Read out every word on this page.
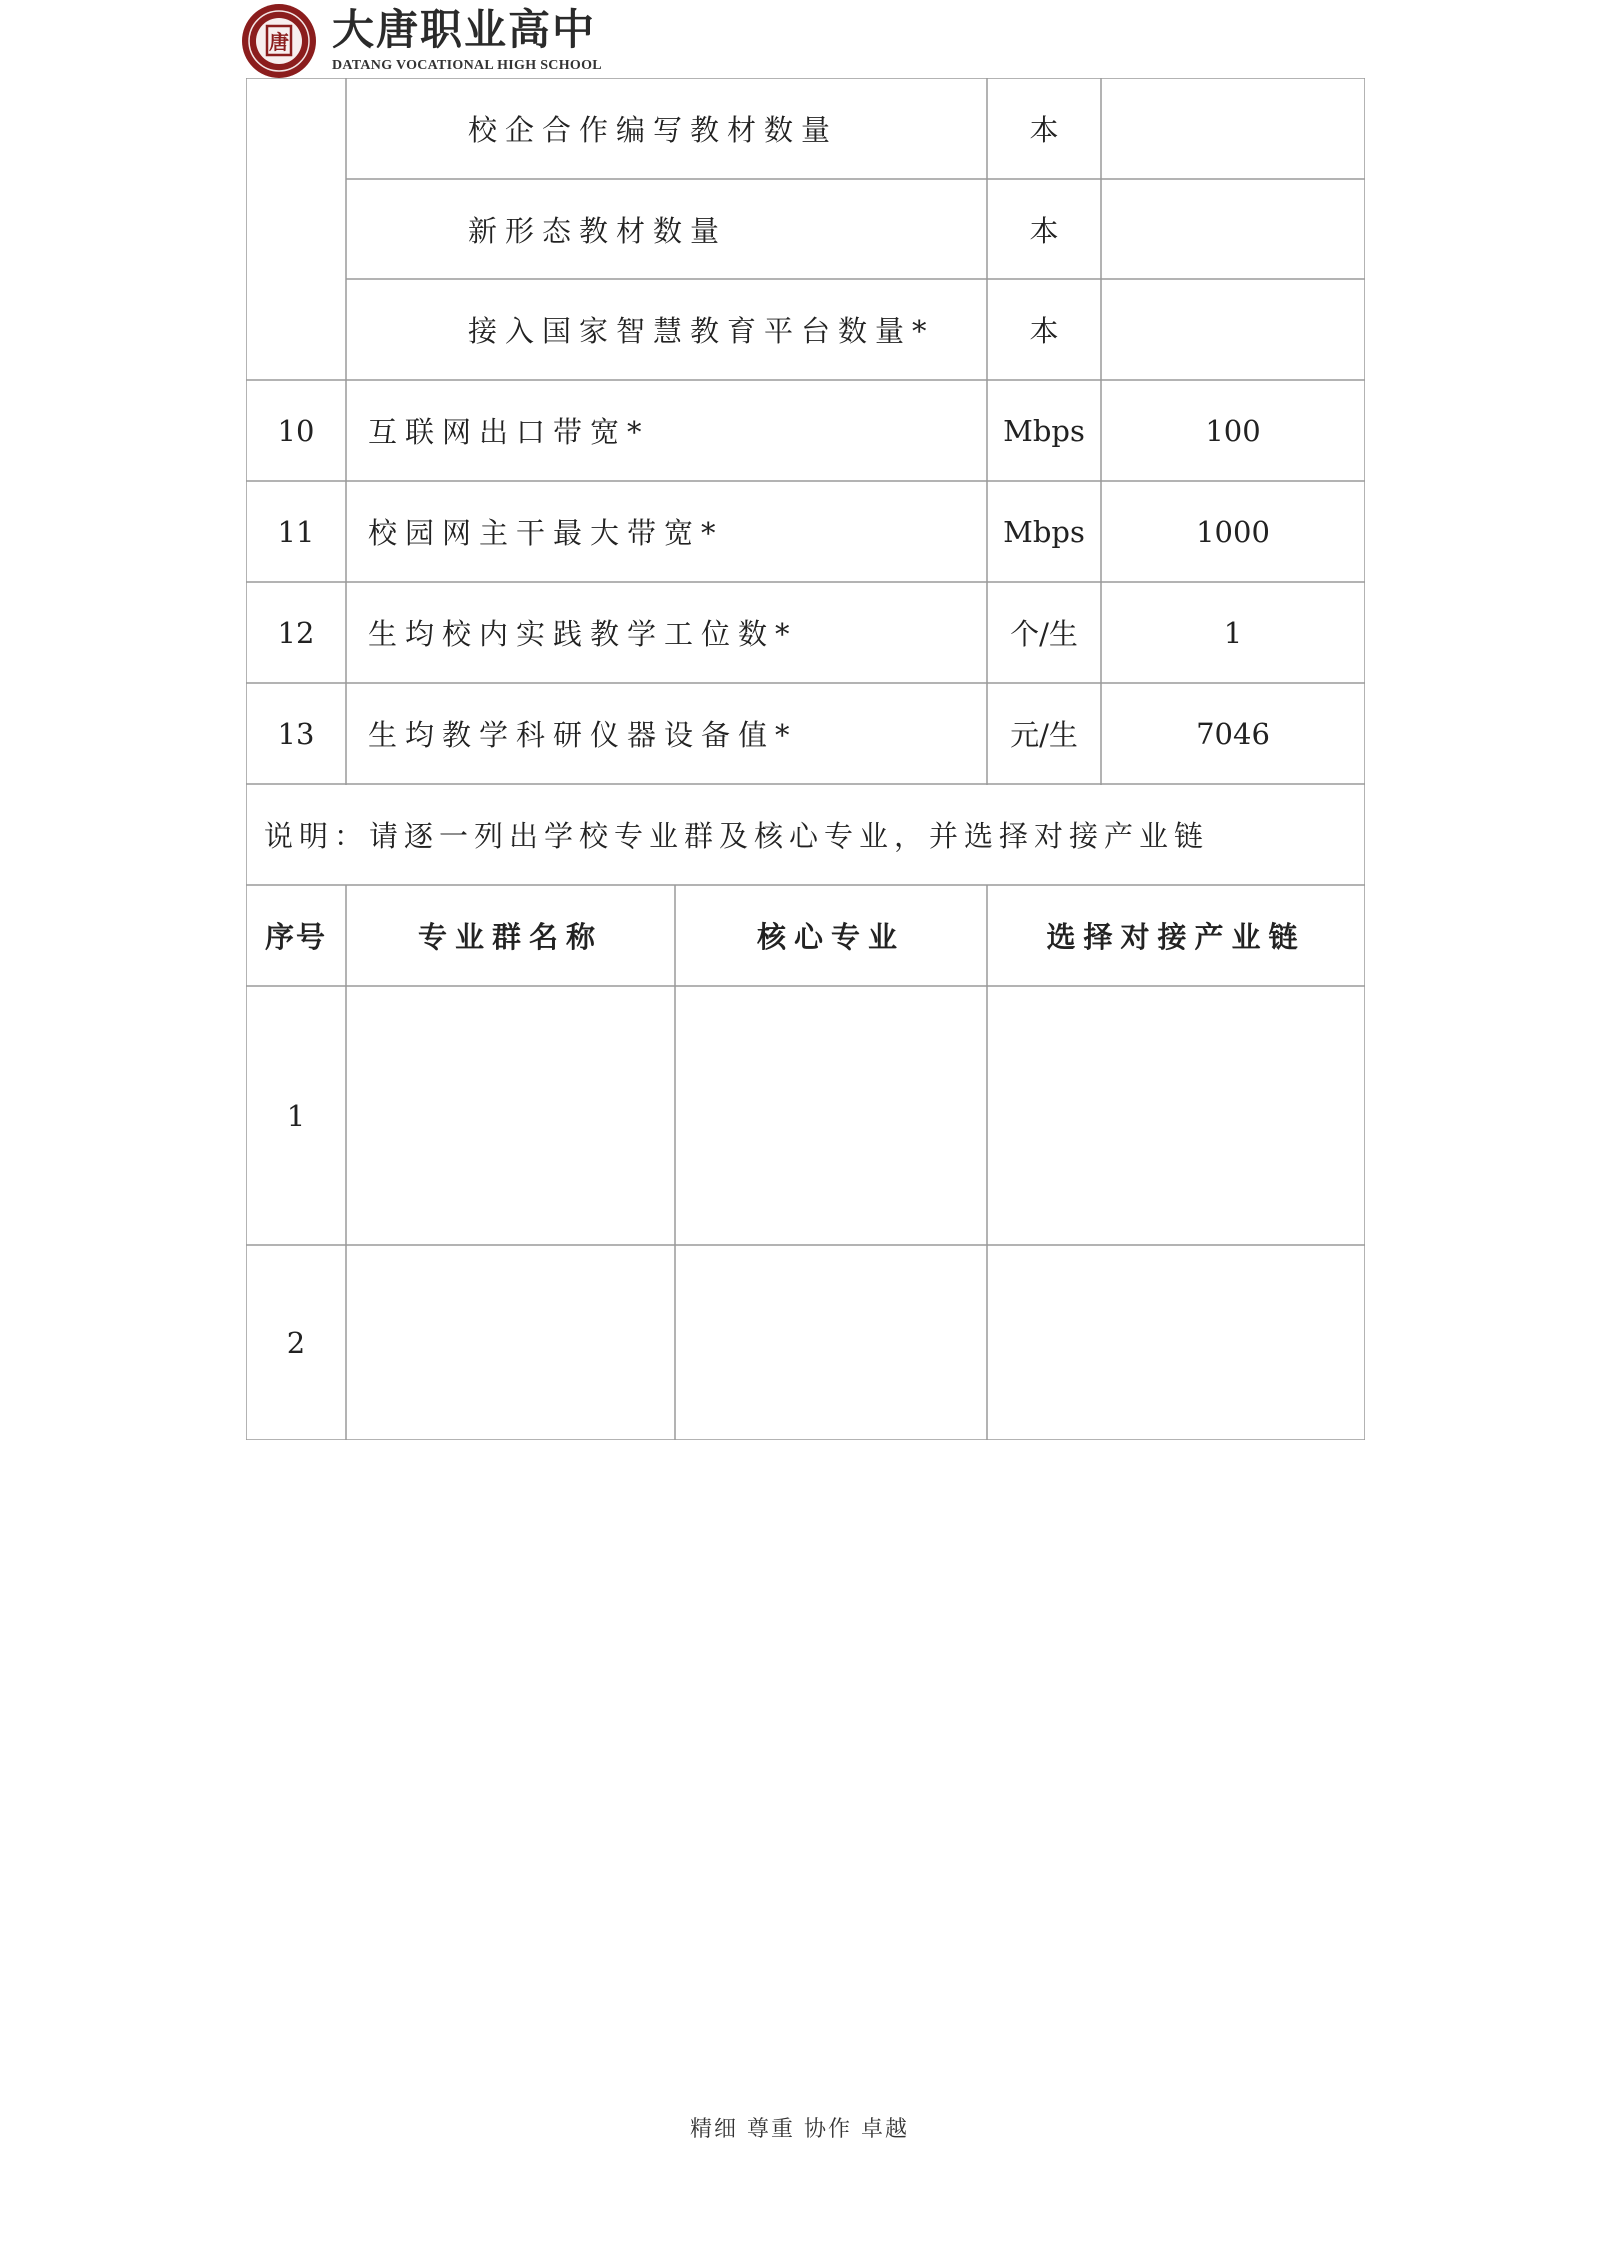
唐 大唐职业高中
DATANG VOCATIONAL HIGH SCHOOL
校企合作编写教材数量	本
新形态教材数量	本
接入国家智慧教育平台数量*	本
10	互联网出口带宽*	Mbps	100
11	校园网主干最大带宽*	Mbps	1000
12	生均校内实践教学工位数*	个/生	1
13	生均教学科研仪器设备值*	元/生	7046
说明：请逐一列出学校专业群及核心专业，并选择对接产业链
序号	专业群名称	核心专业	选择对接产业链
1
2
精细 尊重 协作 卓越
